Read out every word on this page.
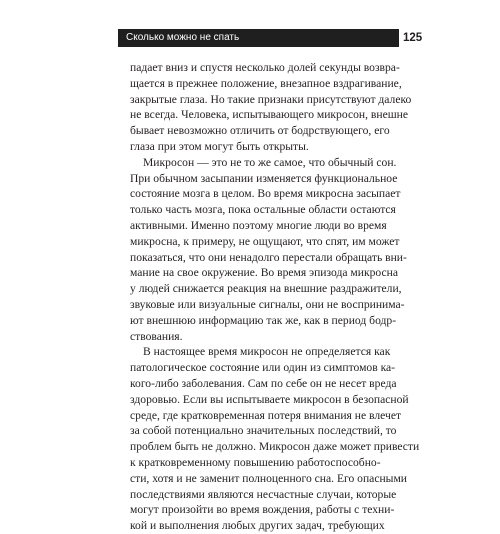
Сколько можно не спать	125

падает вниз и спустя несколько долей секунды возвра-
щается в прежнее положение, внезапное вздрагивание,
закрытые глаза. Но такие признаки присутствуют далеко
не всегда. Человека, испытывающего микросон, внешне
бывает невозможно отличить от бодрствующего, его
глаза при этом могут быть открыты.

Микросон — это не то же самое, что обычный сон.
При обычном засыпании изменяется функциональное
состояние мозга в целом. Во время микросна засыпает
только часть мозга, пока остальные области остаются
активными. Именно поэтому многие люди во время
микросна, к примеру, не ощущают, что спят, им может
показаться, что они ненадолго перестали обращать вни-
мание на свое окружение. Во время эпизода микросна
у людей снижается реакция на внешние раздражители,
звуковые или визуальные сигналы, они не воспринима-
ют внешнюю информацию так же, как в период бодр-
ствования.

В настоящее время микросон не определяется как
патологическое состояние или один из симптомов ка-
кого-либо заболевания. Сам по себе он не несет вреда
здоровью. Если вы испытываете микросон в безопасной
среде, где кратковременная потеря внимания не влечет
за собой потенциально значительных последствий, то
проблем быть не должно. Микросон даже может привести
к кратковременному повышению работоспособно-
сти, хотя и не заменит полноценного сна. Его опасными
последствиями являются несчастные случаи, которые
могут произойти во время вождения, работы с техни-
кой и выполнения любых других задач, требующих
